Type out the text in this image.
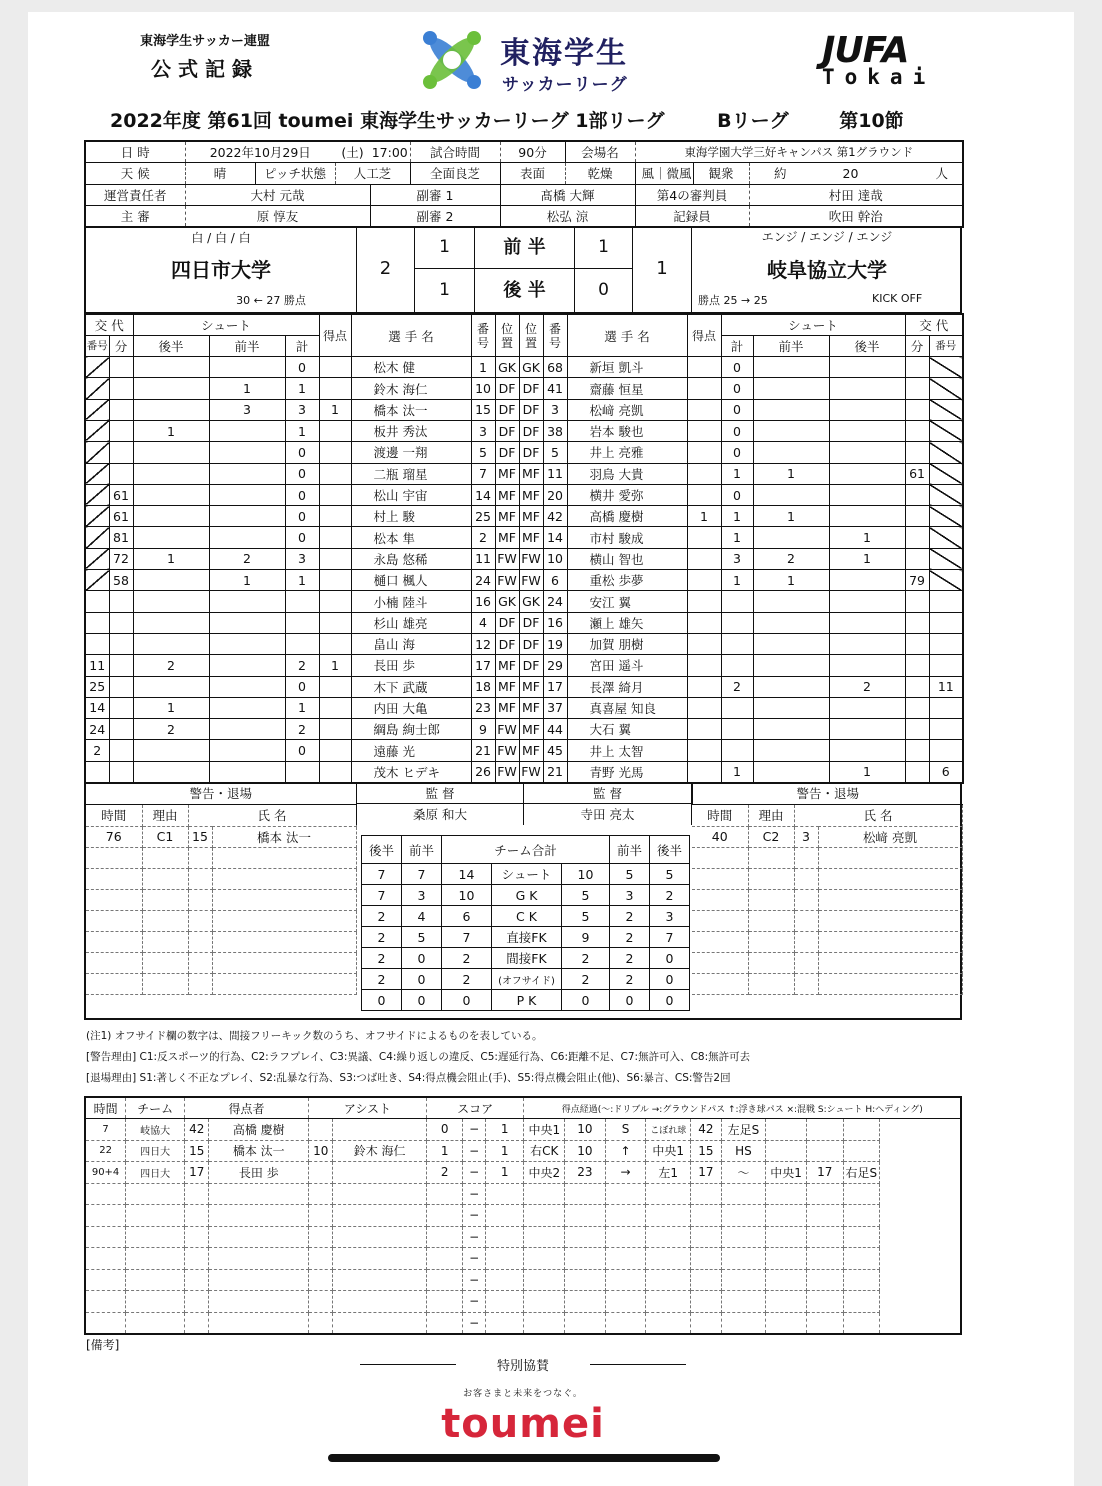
東海学生サッカー連盟
公式記録	東海学生
サッカーリーグ
JUFA
Tokai
2022年度 第61回 toumei 東海学生サッカーリーグ 1部リーグ	Bリーグ	第10節
日 時	2022年10月29日		(土)	17:00	試合時間	90分	会場名	東海学園大学三好キャンパス 第1グラウンド			
天 候	晴	ピッチ状態	人工芝		全面良芝	表面	乾燥	風｜微風	観衆	約 20	人
運営責任者	大村 元哉			副審 1		髙橋 大輝		第4の審判員		村田 達哉	
主 審	原 惇友			副審 2		松弘 涼		記録員		吹田 幹治	
白 / 白 / 白
四日市大学
30 ← 27 勝点
2
1
1
前 半
後 半
1
0
1
エンジ / エンジ / エンジ
岐阜協立大学
勝点 25 → 25	KICK OFF
交 代		シュート			得点	選 手 名	番号	位置	位置	番号	選 手 名	得点	シュート			交 代	
番号	分	後半	前半	計									計	前半	後半	分	番号
				0		松木 健	1	GK	GK	68	新垣 凱斗		0				
			1	1		鈴木 海仁	10	DF	DF	41	齋藤 恒星		0				
			3	3	1	橋本 汰一	15	DF	DF	3	松﨑 亮凱		0				
		1		1		板井 秀汰	3	DF	DF	38	岩本 駿也		0				
				0		渡邊 一翔	5	DF	DF	5	井上 亮雅		0				
				0		二瓶 瑠星	7	MF	MF	11	羽鳥 大貴		1	1		61	
	61			0		松山 宇宙	14	MF	MF	20	横井 愛弥		0				
	61			0		村上 駿	25	MF	MF	42	高橋 慶樹	1	1	1			
	81			0		松本 隼	2	MF	MF	14	市村 駿成		1		1		
	72	1	2	3		永島 悠稀	11	FW	FW	10	横山 智也		3	2	1		
	58		1	1		樋口 楓人	24	FW	FW	6	重松 歩夢		1	1		79	
						小楠 陸斗	16	GK	GK	24	安江 翼						
						杉山 雄亮	4	DF	DF	16	瀬上 雄矢						
						畠山 海	12	DF	DF	19	加賀 朋樹						
11		2		2	1	長田 歩	17	MF	DF	29	宮田 遥斗						
25				0		木下 武蔵	18	MF	MF	17	長澤 綺月		2		2		11
14		1		1		内田 大亀	23	MF	MF	37	真喜屋 知良						
24		2		2		綱島 絢士郎	9	FW	MF	44	大石 翼						
2				0		遠藤 光	21	FW	MF	45	井上 太智						
						茂木 ヒデキ	26	FW	FW	21	青野 光馬		1		1		6
警告・退場
時間	理由	氏 名	
76	C1	15	橋本 汰一

監 督
桑原 和大
監 督
寺田 亮太
後半	前半	チーム合計			前半	後半
7	7	14	シュート	10	5	5
7	3	10	G K	5	3	2
2	4	6	C K	5	2	3
2	5	7	直接FK	9	2	7
2	0	2	間接FK	2	2	0
2	0	2	(オフサイド)	2	2	0
0	0	0	P K	0	0	0
警告・退場
時間	理由	氏 名	
40	C2	3	松﨑 亮凱

(注1) オフサイド欄の数字は、間接フリーキック数のうち、オフサイドによるものを表している。
[警告理由] C1:反スポーツ的行為、C2:ラフプレイ、C3:異議、C4:繰り返しの違反、C5:遅延行為、C6:距離不足、C7:無許可入、C8:無許可去
[退場理由] S1:著しく不正なプレイ、S2:乱暴な行為、S3:つば吐き、S4:得点機会阻止(手)、S5:得点機会阻止(他)、S6:暴言、CS:警告2回
時間	チーム	得点者		アシスト		スコア			得点経過(〜:ドリブル →:グラウンドパス ↑:浮き球パス ×:混戦 S:シュート H:ヘディング)								
7	岐協大	42	高橋 慶樹			0	−	1	中央1	10	S	こぼれ球	42	左足S			
22	四日大	15	橋本 汰一	10	鈴木 海仁	1	−	1	右CK	10	↑	中央1	15	HS			
90+4	四日大	17	長田 歩			2	−	1	中央2	23	→	左1	17	〜	中央1	17	右足S
							−										
							−										
							−										
							−										
							−										
							−										
							−										
[備考]
特別協賛
お客さまと未来をつなぐ。
toumei
